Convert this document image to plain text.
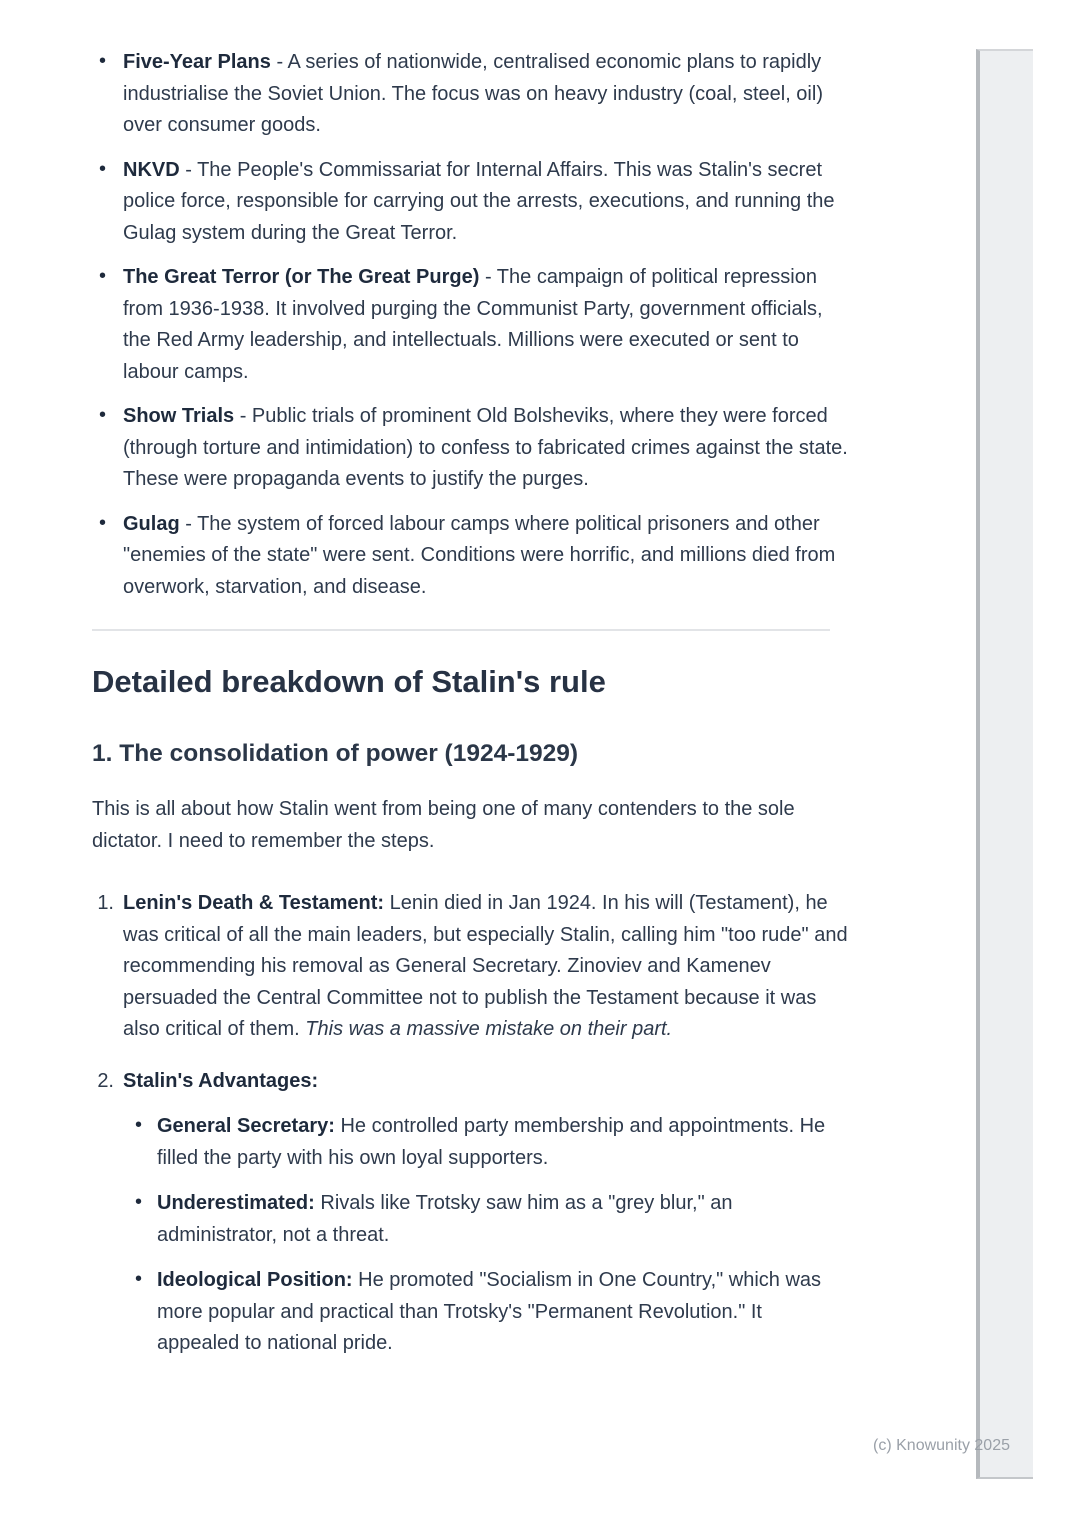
• Five-Year Plans - A series of nationwide, centralised economic plans to rapidly industrialise the Soviet Union. The focus was on heavy industry (coal, steel, oil) over consumer goods.
• NKVD - The People's Commissariat for Internal Affairs. This was Stalin's secret police force, responsible for carrying out the arrests, executions, and running the Gulag system during the Great Terror.
• The Great Terror (or The Great Purge) - The campaign of political repression from 1936-1938. It involved purging the Communist Party, government officials, the Red Army leadership, and intellectuals. Millions were executed or sent to labour camps.
• Show Trials - Public trials of prominent Old Bolsheviks, where they were forced (through torture and intimidation) to confess to fabricated crimes against the state. These were propaganda events to justify the purges.
• Gulag - The system of forced labour camps where political prisoners and other "enemies of the state" were sent. Conditions were horrific, and millions died from overwork, starvation, and disease.
Detailed breakdown of Stalin's rule
1. The consolidation of power (1924-1929)

This is all about how Stalin went from being one of many contenders to the sole dictator. I need to remember the steps.

1. Lenin's Death & Testament: Lenin died in Jan 1924. In his will (Testament), he was critical of all the main leaders, but especially Stalin, calling him "too rude" and recommending his removal as General Secretary. Zinoviev and Kamenev persuaded the Central Committee not to publish the Testament because it was also critical of them. This was a massive mistake on their part.
2. Stalin's Advantages:
• General Secretary: He controlled party membership and appointments. He filled the party with his own loyal supporters.
• Underestimated: Rivals like Trotsky saw him as a "grey blur," an administrator, not a threat.
• Ideological Position: He promoted "Socialism in One Country," which was more popular and practical than Trotsky's "Permanent Revolution." It appealed to national pride.
(c) Knowunity 2025
